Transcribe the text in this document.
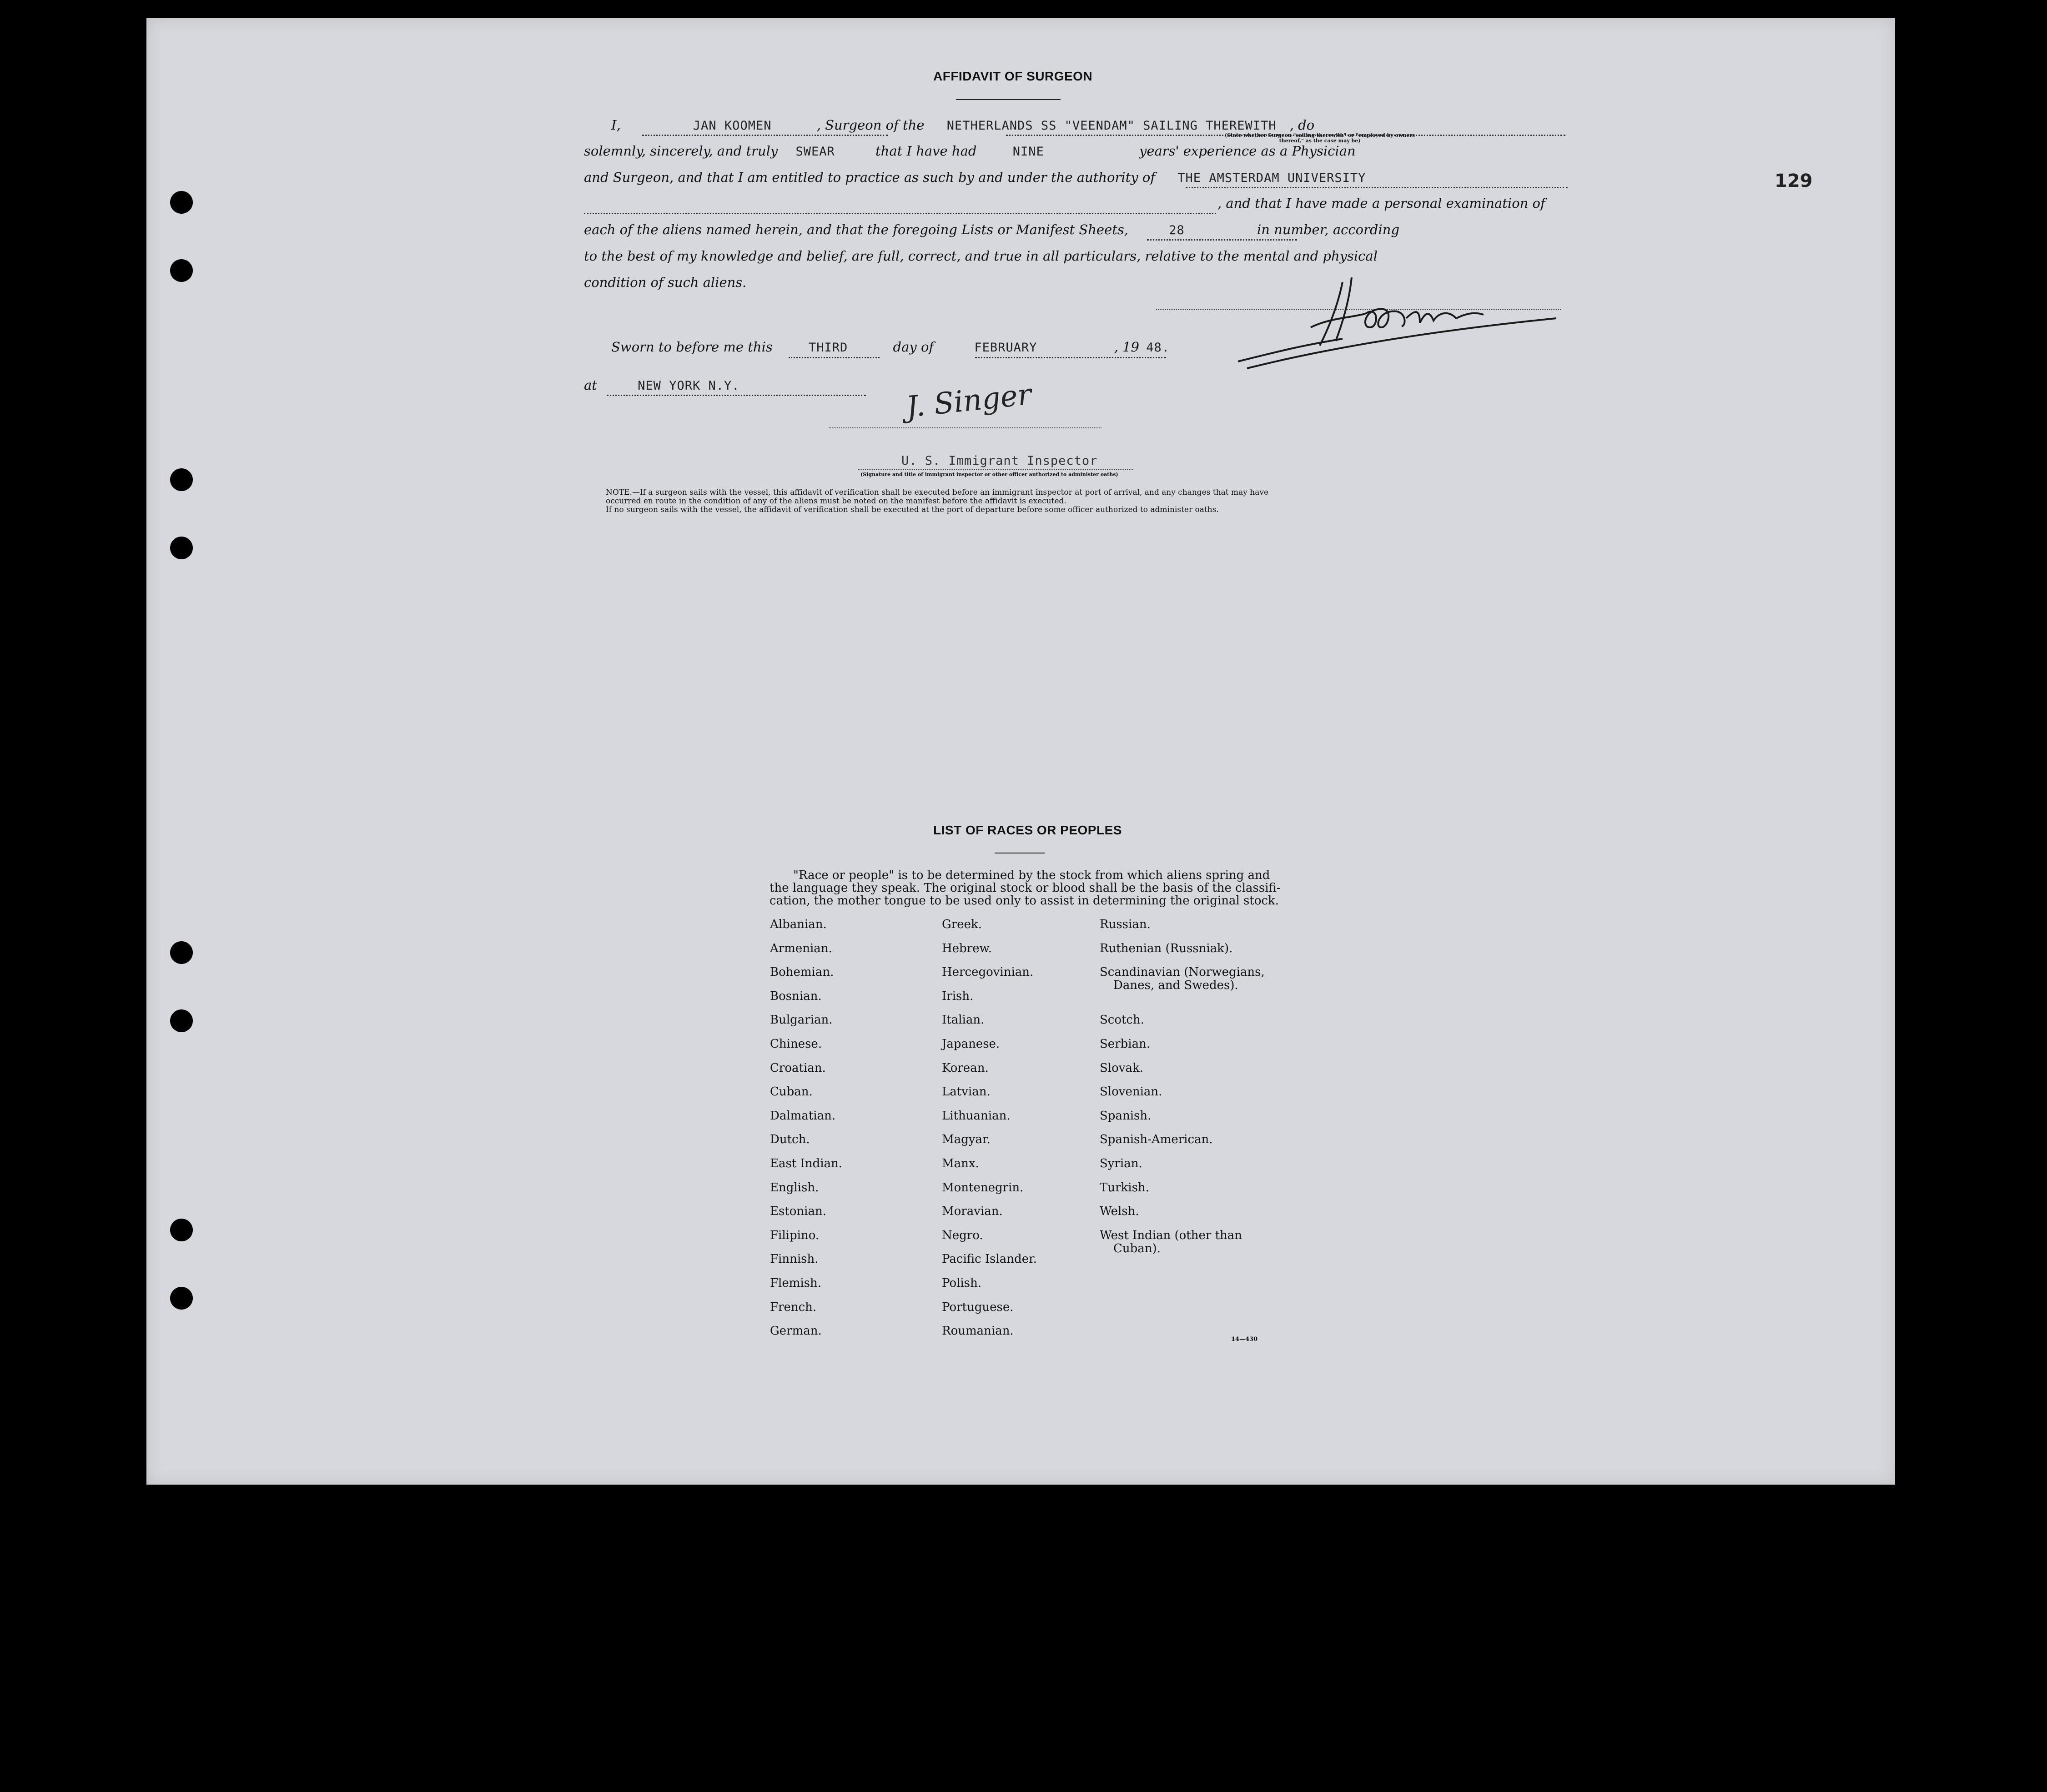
129
AFFIDAVIT OF SURGEON
I,	JAN KOOMEN	, Surgeon of the NETHERLANDS SS "VEENDAM" SAILING THEREWITH , do
(State whether Surgeon "sailing therewith" or "employed by owners thereof," as the case may be)
solemnly, sincerely, and truly SWEAR	that I have had	NINE	years' experience as a Physician
and Surgeon, and that I am entitled to practice as such by and under the authority of THE AMSTERDAM UNIVERSITY
, and that I have made a personal examination of
each of the aliens named herein, and that the foregoing Lists or Manifest Sheets,	28	in number, according
to the best of my knowledge and belief, are full, correct, and true in all particulars, relative to the mental and physical
condition of such aliens.
Sworn to before me this	THIRD	day of	FEBRUARY	, 19 48.
at	NEW YORK N.Y.	J. Singer
U. S. Immigrant Inspector
(Signature and title of immigrant inspector or other officer authorized to administer oaths)
NOTE.—If a surgeon sails with the vessel, this affidavit of verification shall be executed before an immigrant inspector at port of arrival, and any changes that may have
occurred en route in the condition of any of the aliens must be noted on the manifest before the affidavit is executed.
If no surgeon sails with the vessel, the affidavit of verification shall be executed at the port of departure before some officer authorized to administer oaths.
LIST OF RACES OR PEOPLES
"Race or people" is to be determined by the stock from which aliens spring and
the language they speak. The original stock or blood shall be the basis of the classifi-
cation, the mother tongue to be used only to assist in determining the original stock.
Albanian.
Armenian.
Bohemian.
Bosnian.
Bulgarian.
Chinese.
Croatian.
Cuban.
Dalmatian.
Dutch.
East Indian.
English.
Estonian.
Filipino.
Finnish.
Flemish.
French.
German.
Greek.
Hebrew.
Hercegovinian.
Irish.
Italian.
Japanese.
Korean.
Latvian.
Lithuanian.
Magyar.
Manx.
Montenegrin.
Moravian.
Negro.
Pacific Islander.
Polish.
Portuguese.
Roumanian.
Russian.
Ruthenian (Russniak).
Scandinavian (Norwegians,
Danes, and Swedes).
Scotch.
Serbian.
Slovak.
Slovenian.
Spanish.
Spanish-American.
Syrian.
Turkish.
Welsh.
West Indian (other than
Cuban).
14—430
